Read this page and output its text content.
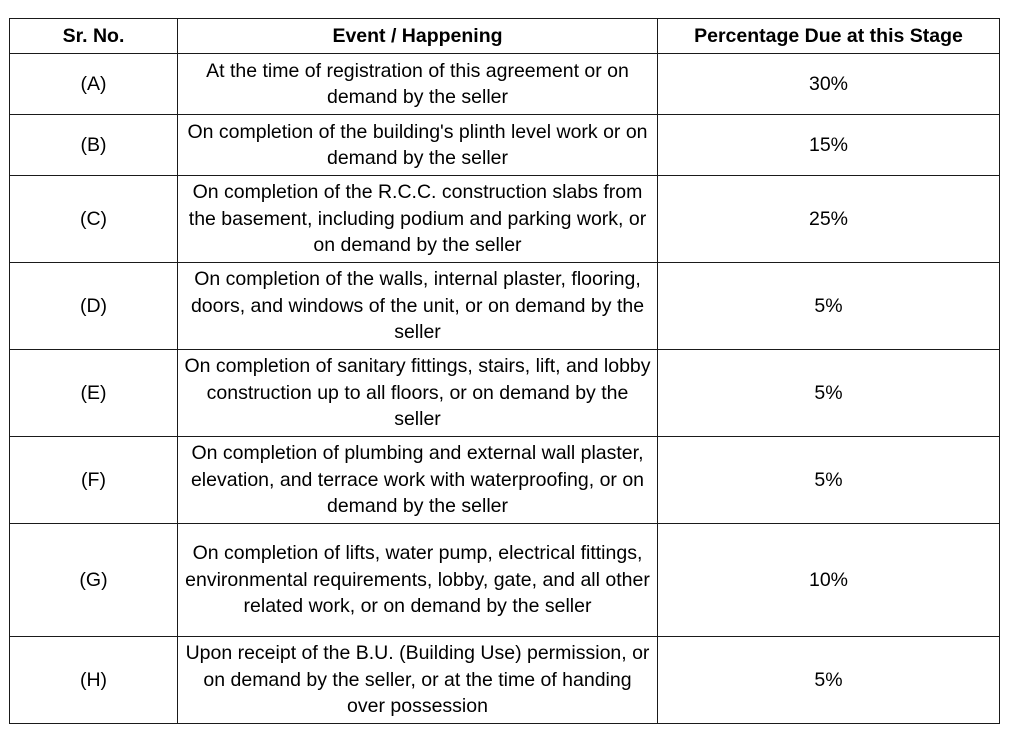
Sr. No.	Event / Happening	Percentage Due at this Stage
(A)	At the time of registration of this agreement or on demand by the seller	30%
(B)	On completion of the building's plinth level work or on demand by the seller	15%
(C)	On completion of the R.C.C. construction slabs from the basement, including podium and parking work, or on demand by the seller	25%
(D)	On completion of the walls, internal plaster, flooring, doors, and windows of the unit, or on demand by the seller	5%
(E)	On completion of sanitary fittings, stairs, lift, and lobby construction up to all floors, or on demand by the seller	5%
(F)	On completion of plumbing and external wall plaster, elevation, and terrace work with waterproofing, or on demand by the seller	5%
(G)	On completion of lifts, water pump, electrical fittings, environmental requirements, lobby, gate, and all other related work, or on demand by the seller	10%
(H)	Upon receipt of the B.U. (Building Use) permission, or on demand by the seller, or at the time of handing over possession	5%
